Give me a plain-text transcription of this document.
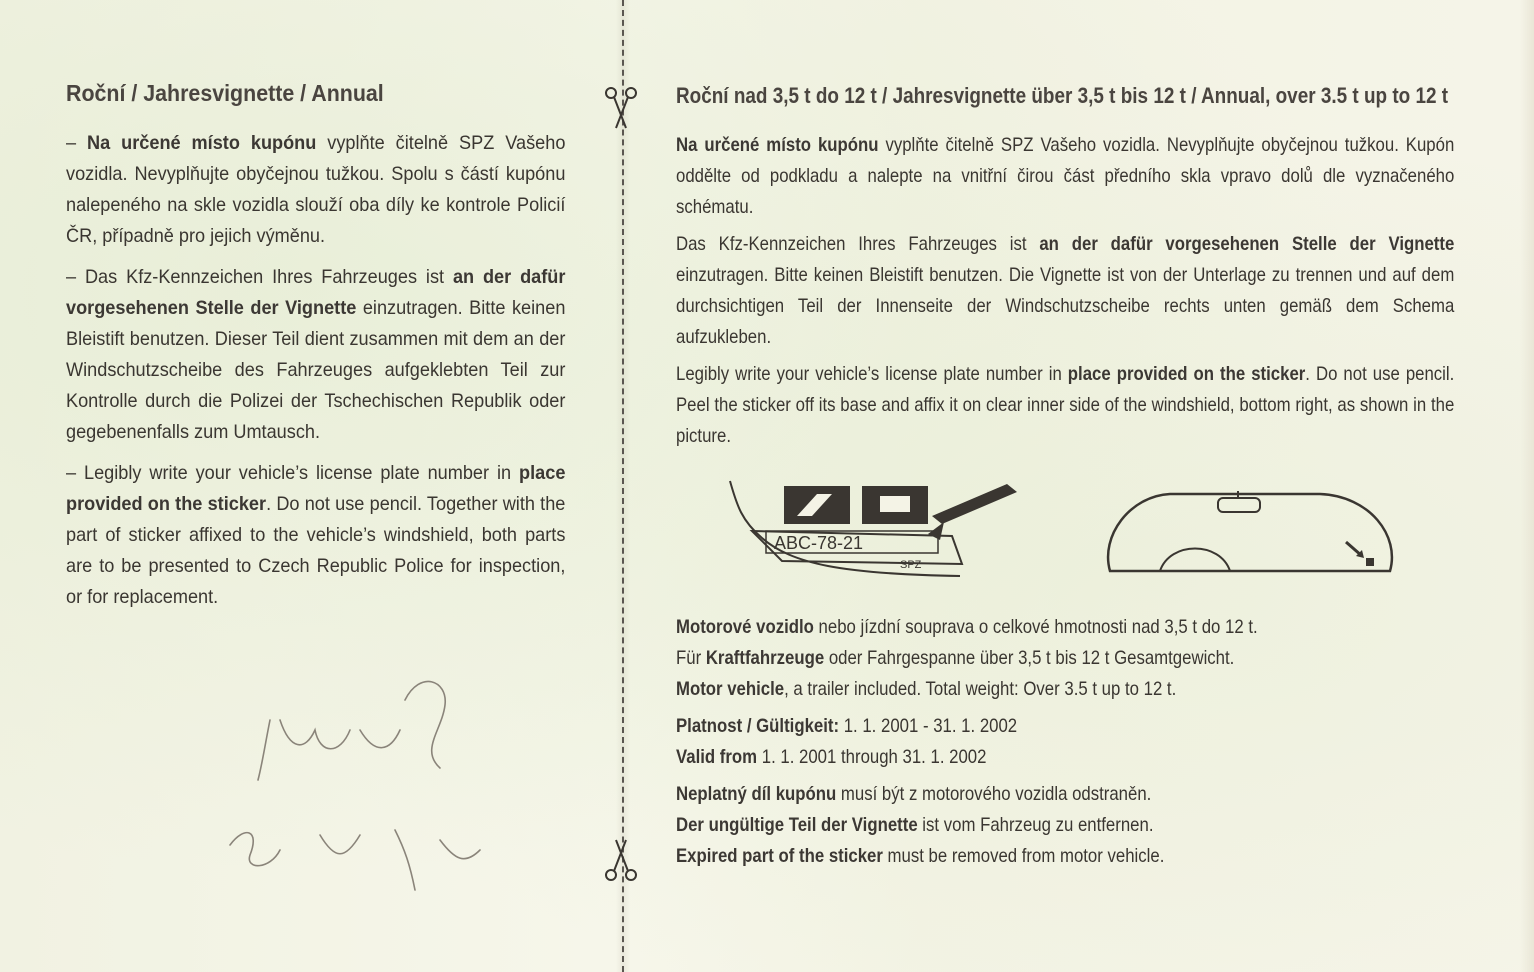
Roční / Jahresvignette / Annual

– Na určené místo kupónu vyplňte čitelně SPZ Vašeho vozidla. Nevyplňujte obyčejnou tužkou. Spolu s částí kupónu nalepeného na skle vozidla slouží oba díly ke kontrole Policií ČR, případně pro jejich výměnu.

– Das Kfz-Kennzeichen Ihres Fahrzeuges ist an der dafür vorgesehenen Stelle der Vignette einzutragen. Bitte keinen Bleistift benutzen. Dieser Teil dient zusammen mit dem an der Windschutzscheibe des Fahrzeuges aufgeklebten Teil zur Kontrolle durch die Polizei der Tschechischen Republik oder gegebenenfalls zum Umtausch.

– Legibly write your vehicle’s license plate number in place provided on the sticker. Do not use pencil. Together with the part of sticker affixed to the vehicle’s windshield, both parts are to be presented to Czech Republic Police for inspection, or for replacement.

Jaroslav
Roční nad 3,5 t do 12 t / Jahresvignette über 3,5 t bis 12 t / Annual, over 3.5 t up to 12 t

Na určené místo kupónu vyplňte čitelně SPZ Vašeho vozidla. Nevyplňujte obyčejnou tužkou. Kupón oddělte od podkladu a nalepte na vnitřní čirou část předního skla vpravo dolů dle vyznačeného schématu.

Das Kfz-Kennzeichen Ihres Fahrzeuges ist an der dafür vorgesehenen Stelle der Vignette einzutragen. Bitte keinen Bleistift benutzen. Die Vignette ist von der Unterlage zu trennen und auf dem durchsichtigen Teil der Innenseite der Windschutzscheibe rechts unten gemäß dem Schema aufzukleben.

Legibly write your vehicle’s license plate number in place provided on the sticker. Do not use pencil. Peel the sticker off its base and affix it on clear inner side of the windshield, bottom right, as shown in the picture.

ABC-78-21
SPZ

Motorové vozidlo nebo jízdní souprava o celkové hmotnosti nad 3,5 t do 12 t.

Für Kraftfahrzeuge oder Fahrgespanne über 3,5 t bis 12 t Gesamtgewicht.

Motor vehicle, a trailer included. Total weight: Over 3.5 t up to 12 t.

Platnost / Gültigkeit: 1. 1. 2001 - 31. 1. 2002

Valid from 1. 1. 2001 through 31. 1. 2002

Neplatný díl kupónu musí být z motorového vozidla odstraněn.

Der ungültige Teil der Vignette ist vom Fahrzeug zu entfernen.

Expired part of the sticker must be removed from motor vehicle.
